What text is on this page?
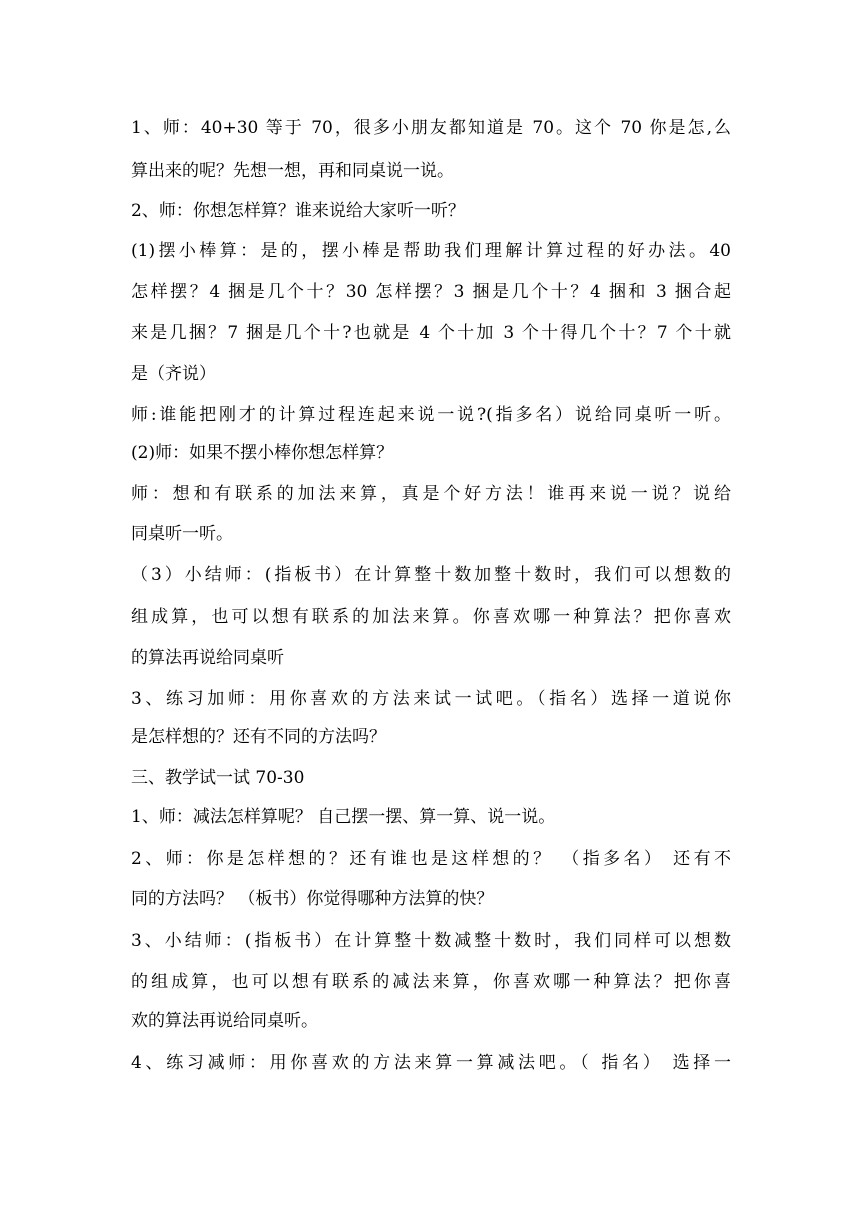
1、师：40+30 等于 70，很多小朋友都知道是 70。这个 70 你是怎,么
算出来的呢？先想一想，再和同桌说一说。
2、师：你想怎样算？谁来说给大家听一听？
(1)摆小棒算：是的，摆小棒是帮助我们理解计算过程的好办法。40
怎样摆？4 捆是几个十？30 怎样摆？3 捆是几个十？4 捆和 3 捆合起
来是几捆？7 捆是几个十?也就是 4 个十加 3 个十得几个十？7 个十就
是（齐说）
师:谁能把刚才的计算过程连起来说一说?(指多名）说给同桌听一听。
(2)师：如果不摆小棒你想怎样算？
师：想和有联系的加法来算，真是个好方法！谁再来说一说？说给
同桌听一听。
（3）小结师：(指板书）在计算整十数加整十数时，我们可以想数的
组成算，也可以想有联系的加法来算。你喜欢哪一种算法？把你喜欢
的算法再说给同桌听
3、练习加师：用你喜欢的方法来试一试吧。（指名）选择一道说你
是怎样想的？还有不同的方法吗？
三、教学试一试 70-30
1、师：减法怎样算呢？ 自己摆一摆、算一算、说一说。
2、师：你是怎样想的？还有谁也是这样想的？ （指多名） 还有不
同的方法吗？ （板书）你觉得哪种方法算的快？
3、小结师：(指板书）在计算整十数减整十数时，我们同样可以想数
的组成算，也可以想有联系的减法来算，你喜欢哪一种算法？把你喜
欢的算法再说给同桌听。
4、练习减师：用你喜欢的方法来算一算减法吧。（ 指名） 选择一
